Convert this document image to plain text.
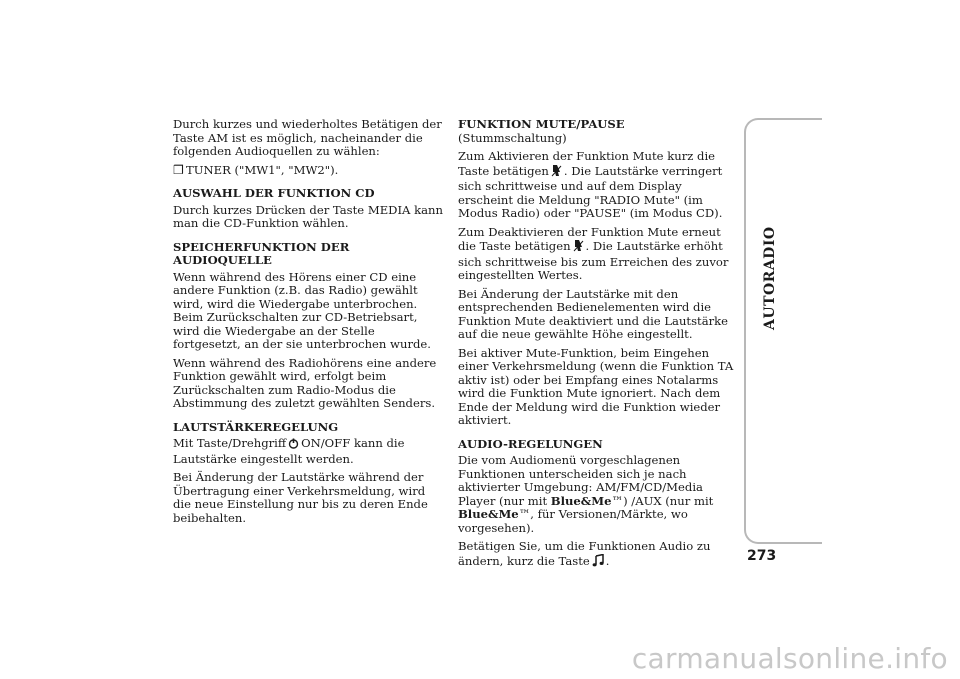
Durch kurzes und wiederholtes Betätigen der Taste AM ist es möglich, nacheinander die folgenden Audioquellen zu wählen:

❒ TUNER ("MW1", "MW2").

AUSWAHL DER FUNKTION CD

Durch kurzes Drücken der Taste MEDIA kann man die CD-Funktion wählen.

SPEICHERFUNKTION DER AUDIOQUELLE

Wenn während des Hörens einer CD eine andere Funktion (z.B. das Radio) gewählt wird, wird die Wiedergabe unterbrochen. Beim Zurückschalten zur CD-Betriebsart, wird die Wiedergabe an der Stelle fortgesetzt, an der sie unterbrochen wurde.

Wenn während des Radiohörens eine andere Funktion gewählt wird, erfolgt beim Zurückschalten zum Radio-Modus die Abstimmung des zuletzt gewählten Senders.

LAUTSTÄRKEREGELUNG

Mit Taste/Drehgriff ON/OFF kann die Lautstärke eingestellt werden.

Bei Änderung der Lautstärke während der Übertragung einer Verkehrsmeldung, wird die neue Einstellung nur bis zu deren Ende beibehalten.

FUNKTION MUTE/PAUSE

(Stummschaltung)

Zum Aktivieren der Funktion Mute kurz die Taste betätigen . Die Lautstärke verringert sich schrittweise und auf dem Display erscheint die Meldung "RADIO Mute" (im Modus Radio) oder "PAUSE" (im Modus CD).

Zum Deaktivieren der Funktion Mute erneut die Taste betätigen . Die Lautstärke erhöht sich schrittweise bis zum Erreichen des zuvor eingestellten Wertes.

Bei Änderung der Lautstärke mit den entsprechenden Bedienelementen wird die Funktion Mute deaktiviert und die Lautstärke auf die neue gewählte Höhe eingestellt.

Bei aktiver Mute-Funktion, beim Eingehen einer Verkehrsmeldung (wenn die Funktion TA aktiv ist) oder bei Empfang eines Notalarms wird die Funktion Mute ignoriert. Nach dem Ende der Meldung wird die Funktion wieder aktiviert.

AUDIO-REGELUNGEN

Die vom Audiomenü vorgeschlagenen Funktionen unterscheiden sich je nach aktivierter Umgebung: AM/FM/CD/Media Player (nur mit Blue&Me™) /AUX (nur mit Blue&Me™, für Versionen/Märkte, wo vorgesehen).

Betätigen Sie, um die Funktionen Audio zu ändern, kurz die Taste .

AUTORADIO
273
carmanualsonline.info
